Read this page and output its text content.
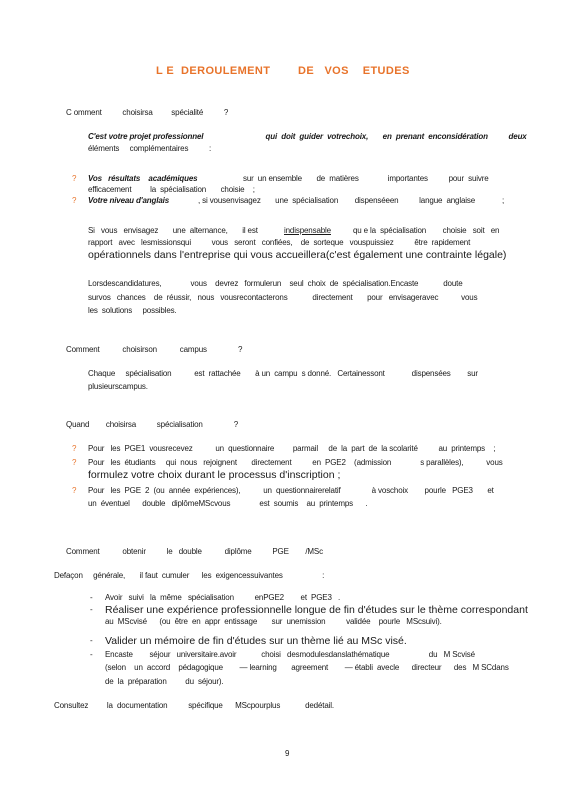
L E  DEROULEMENT	DE   VOS    ETUDES
C omment          choisirsa         spécialité          ?
C'est votre projet professionnel                              qui  doit  guider  votrechoix,       en  prenant  enconsidération          deux
éléments     complémentaires          :
? Vos   résultats    académiques	sur  un ensemble       de  matières              importantes          pour  suivre
efficacement         la  spécialisation       choisie    ;
? Votre niveau d'anglais	, si vousenvisagez       une  spécialisation        dispenséeen          langue  anglaise             ;
Si   vous   envisagez       une  alternance,       il est	indispensable	qu e la  spécialisation        choisie   soit   en
rapport   avec   lesmissionsqui          vous   seront   confiées,    de  sorteque   vouspuissiez          être  rapidement
opérationnels dans l'entreprise qui vous accueillera(c'est également une contrainte légale)
Lorsdescandidatures,              vous    devrez   formulerun    seul  choix  de  spécialisation.Encaste            doute
survos   chances    de  réussir,   nous   vousrecontacterons            directement       pour   envisageravec           vous
les  solutions     possibles.
Comment           choisirson           campus               ?
Chaque     spécialisation           est  rattachée       à un  campu  s donné.   Certainessont             dispensées        sur
plusieurscampus.
Quand        choisirsa          spécialisation               ?
? Pour   les  PGE1  vousrecevez           un  questionnaire         parmail     de  la  part  de  la scolarité          au  printemps    ;
? Pour   les  étudiants     qui  nous   rejoignent       directement          en  PGE2    (admission              s parallèles),           vous
formulez votre choix durant le processus d'inscription ;
? Pour   les  PGE  2  (ou  année  expériences),           un  questionnairerelatif               à voschoix        pourle   PGE3       et
un  éventuel      double   diplômeMScvous              est  soumis    au  printemps      .
Comment           obtenir          le   double           diplôme          PGE        /MSc
Defaçon     générale,       il faut  cumuler      les  exigencessuivantes                   :
- Avoir   suivi   la  même   spécialisation          enPGE2        et  PGE3   .
- Réaliser une expérience professionnelle longue de fin d'études sur le thème correspondant
au  MScvisé      (ou  être  en  appr  entissage       sur  unemission          validée    pourle   MScsuivi).
- Valider un mémoire de fin d'études sur un thème lié au MSc visé.
- Encaste        séjour   universitaire.avoir            choisi   desmodulesdanslathématique                   du   M Scvisé
(selon    un  accord    pédagogique        — learning       agreement        — établi  avecle      directeur      des   M SCdans
de  la  préparation         du  séjour).
Consultez         la  documentation          spécifique      MScpourplus            dedétail.
9
